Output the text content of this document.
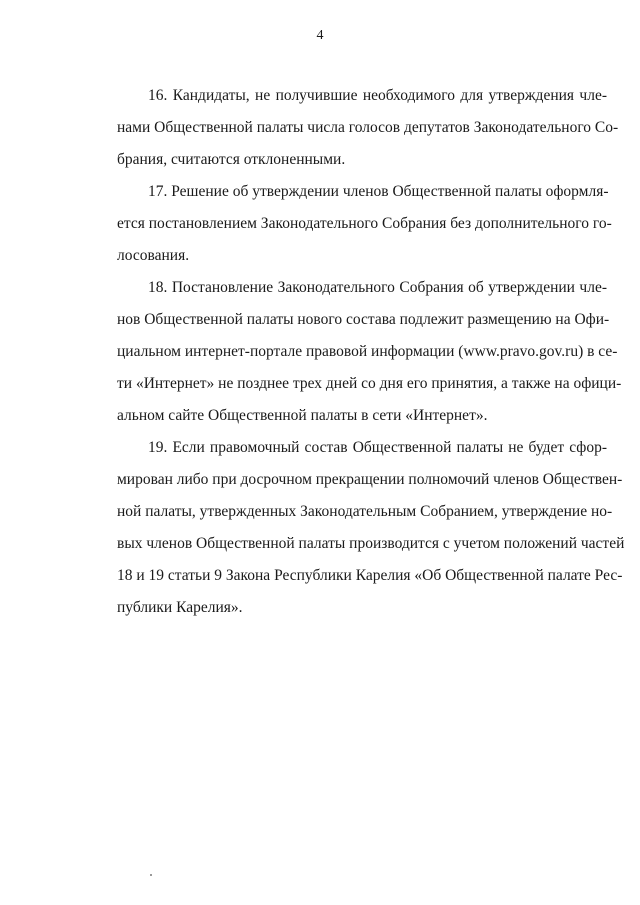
4
16. Кандидаты, не получившие необходимого для утверждения чле-
нами Общественной палаты числа голосов депутатов Законодательного Со-
брания, считаются отклоненными.
17. Решение об утверждении членов Общественной палаты оформля-
ется постановлением Законодательного Собрания без дополнительного го-
лосования.
18. Постановление Законодательного Собрания об утверждении чле-
нов Общественной палаты нового состава подлежит размещению на Офи-
циальном интернет-портале правовой информации (www.pravo.gov.ru) в се-
ти «Интернет» не позднее трех дней со дня его принятия, а также на офици-
альном сайте Общественной палаты в сети «Интернет».
19. Если правомочный состав Общественной палаты не будет сфор-
мирован либо при досрочном прекращении полномочий членов Обществен-
ной палаты, утвержденных Законодательным Собранием, утверждение но-
вых членов Общественной палаты производится с учетом положений частей
18 и 19 статьи 9 Закона Республики Карелия «Об Общественной палате Рес-
публики Карелия».
